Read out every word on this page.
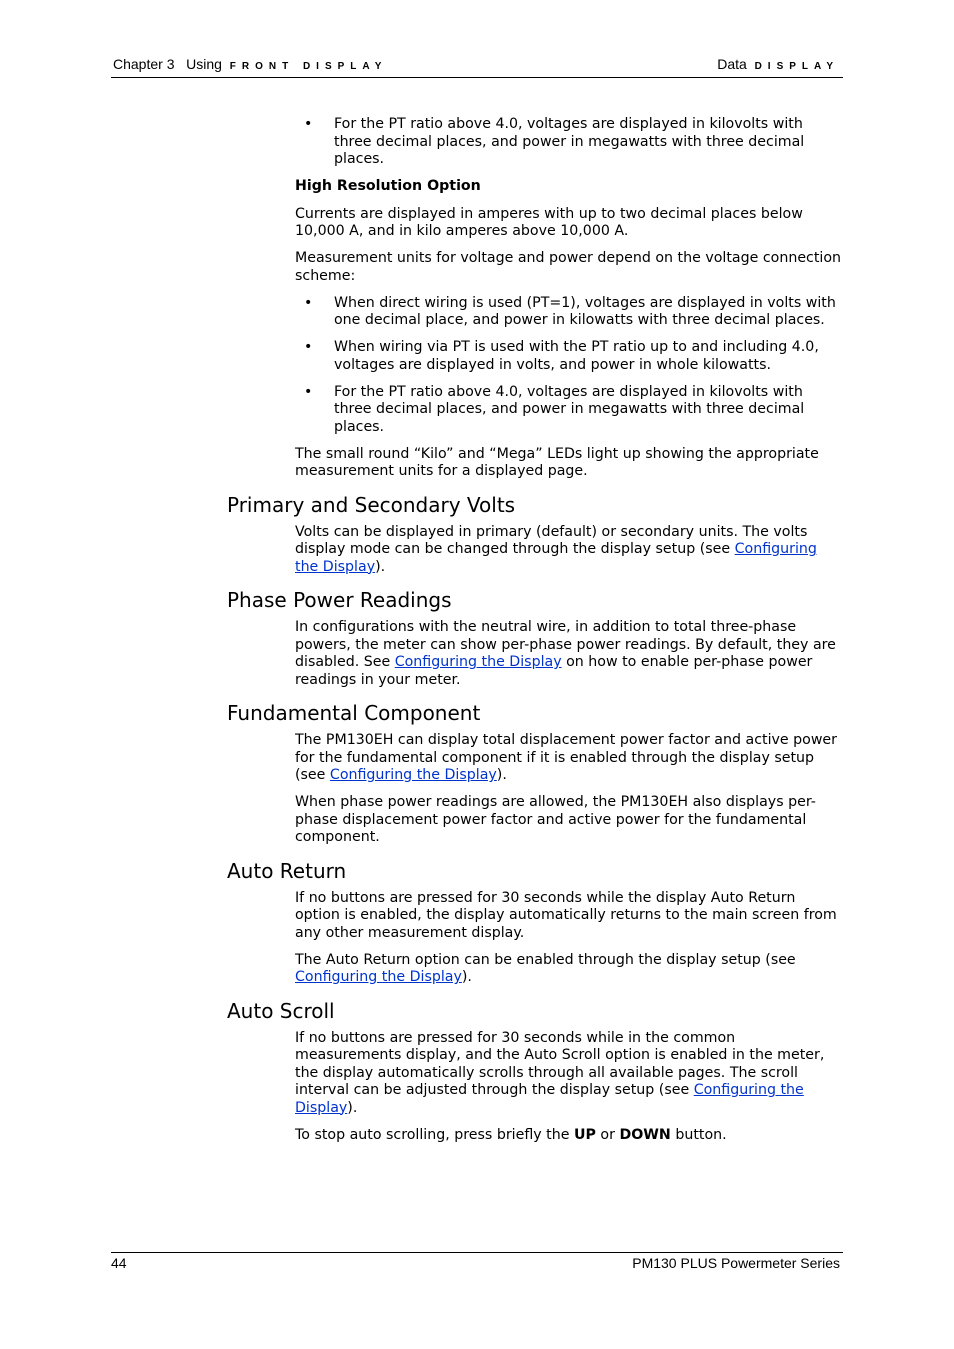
Chapter 3 Using FRONT DISPLAY	Data DISPLAY
• For the PT ratio above 4.0, voltages are displayed in kilovolts with three decimal places, and power in megawatts with three decimal places.
High Resolution Option

Currents are displayed in amperes with up to two decimal places below 10,000 A, and in kilo amperes above 10,000 A.

Measurement units for voltage and power depend on the voltage connection scheme:

• When direct wiring is used (PT=1), voltages are displayed in volts with one decimal place, and power in kilowatts with three decimal places.
• When wiring via PT is used with the PT ratio up to and including 4.0, voltages are displayed in volts, and power in whole kilowatts.
• For the PT ratio above 4.0, voltages are displayed in kilovolts with three decimal places, and power in megawatts with three decimal places.

The small round “Kilo” and “Mega” LEDs light up showing the appropriate measurement units for a displayed page.

Primary and Secondary Volts

Volts can be displayed in primary (default) or secondary units. The volts display mode can be changed through the display setup (see Configuring the Display).

Phase Power Readings

In configurations with the neutral wire, in addition to total three-phase powers, the meter can show per-phase power readings. By default, they are disabled. See Configuring the Display on how to enable per-phase power readings in your meter.

Fundamental Component

The PM130EH can display total displacement power factor and active power for the fundamental component if it is enabled through the display setup (see Configuring the Display).

When phase power readings are allowed, the PM130EH also displays per-phase displacement power factor and active power for the fundamental component.

Auto Return

If no buttons are pressed for 30 seconds while the display Auto Return option is enabled, the display automatically returns to the main screen from any other measurement display.

The Auto Return option can be enabled through the display setup (see Configuring the Display).

Auto Scroll

If no buttons are pressed for 30 seconds while in the common measurements display, and the Auto Scroll option is enabled in the meter, the display automatically scrolls through all available pages. The scroll interval can be adjusted through the display setup (see Configuring the Display).

To stop auto scrolling, press briefly the UP or DOWN button.

44	PM130 PLUS Powermeter Series
